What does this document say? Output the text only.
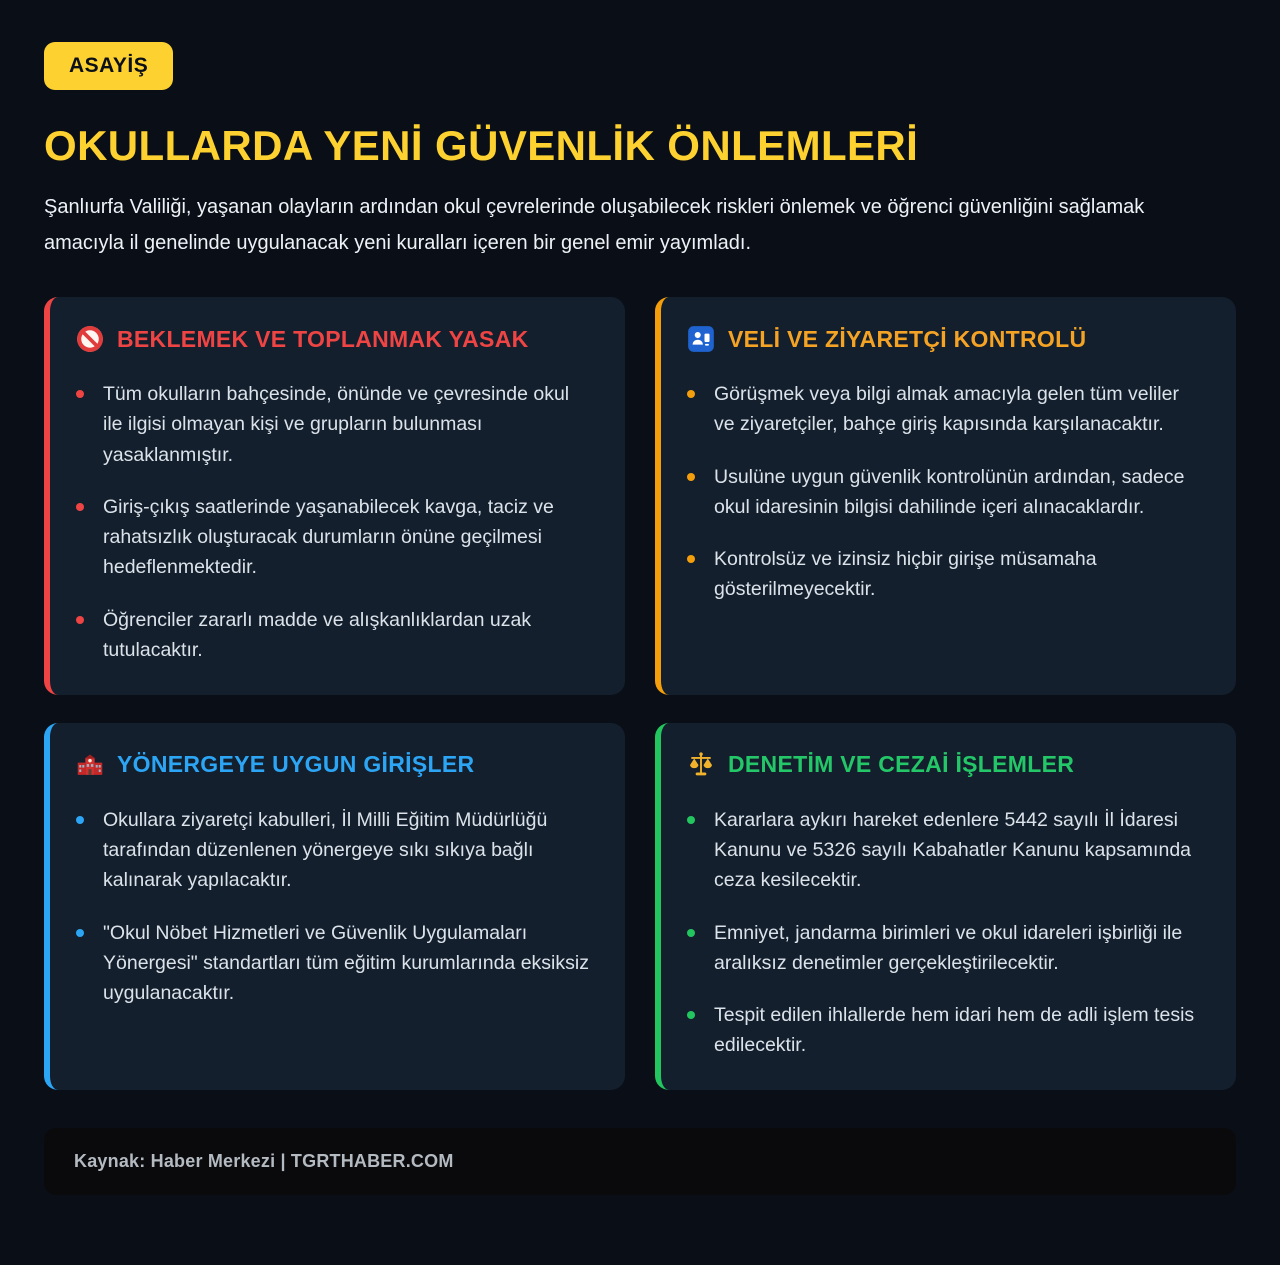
ASAYİŞ
OKULLARDA YENİ GÜVENLİK ÖNLEMLERİ

Şanlıurfa Valiliği, yaşanan olayların ardından okul çevrelerinde oluşabilecek riskleri önlemek ve öğrenci güvenliğini sağlamak amacıyla il genelinde uygulanacak yeni kuralları içeren bir genel emir yayımladı.

BEKLEMEK VE TOPLANMAK YASAK
Tüm okulların bahçesinde, önünde ve çevresinde okul ile ilgisi olmayan kişi ve grupların bulunması yasaklanmıştır.
Giriş-çıkış saatlerinde yaşanabilecek kavga, taciz ve rahatsızlık oluşturacak durumların önüne geçilmesi hedeflenmektedir.
Öğrenciler zararlı madde ve alışkanlıklardan uzak tutulacaktır.
VELİ VE ZİYARETÇİ KONTROLÜ
Görüşmek veya bilgi almak amacıyla gelen tüm veliler ve ziyaretçiler, bahçe giriş kapısında karşılanacaktır.
Usulüne uygun güvenlik kontrolünün ardından, sadece okul idaresinin bilgisi dahilinde içeri alınacaklardır.
Kontrolsüz ve izinsiz hiçbir girişe müsamaha gösterilmeyecektir.
YÖNERGEYE UYGUN GİRİŞLER
Okullara ziyaretçi kabulleri, İl Milli Eğitim Müdürlüğü tarafından düzenlenen yönergeye sıkı sıkıya bağlı kalınarak yapılacaktır.
"Okul Nöbet Hizmetleri ve Güvenlik Uygulamaları Yönergesi" standartları tüm eğitim kurumlarında eksiksiz uygulanacaktır.
DENETİM VE CEZAİ İŞLEMLER
Kararlara aykırı hareket edenlere 5442 sayılı İl İdaresi Kanunu ve 5326 sayılı Kabahatler Kanunu kapsamında ceza kesilecektir.
Emniyet, jandarma birimleri ve okul idareleri işbirliği ile aralıksız denetimler gerçekleştirilecektir.
Tespit edilen ihlallerde hem idari hem de adli işlem tesis edilecektir.
Kaynak: Haber Merkezi | TGRTHABER.COM
